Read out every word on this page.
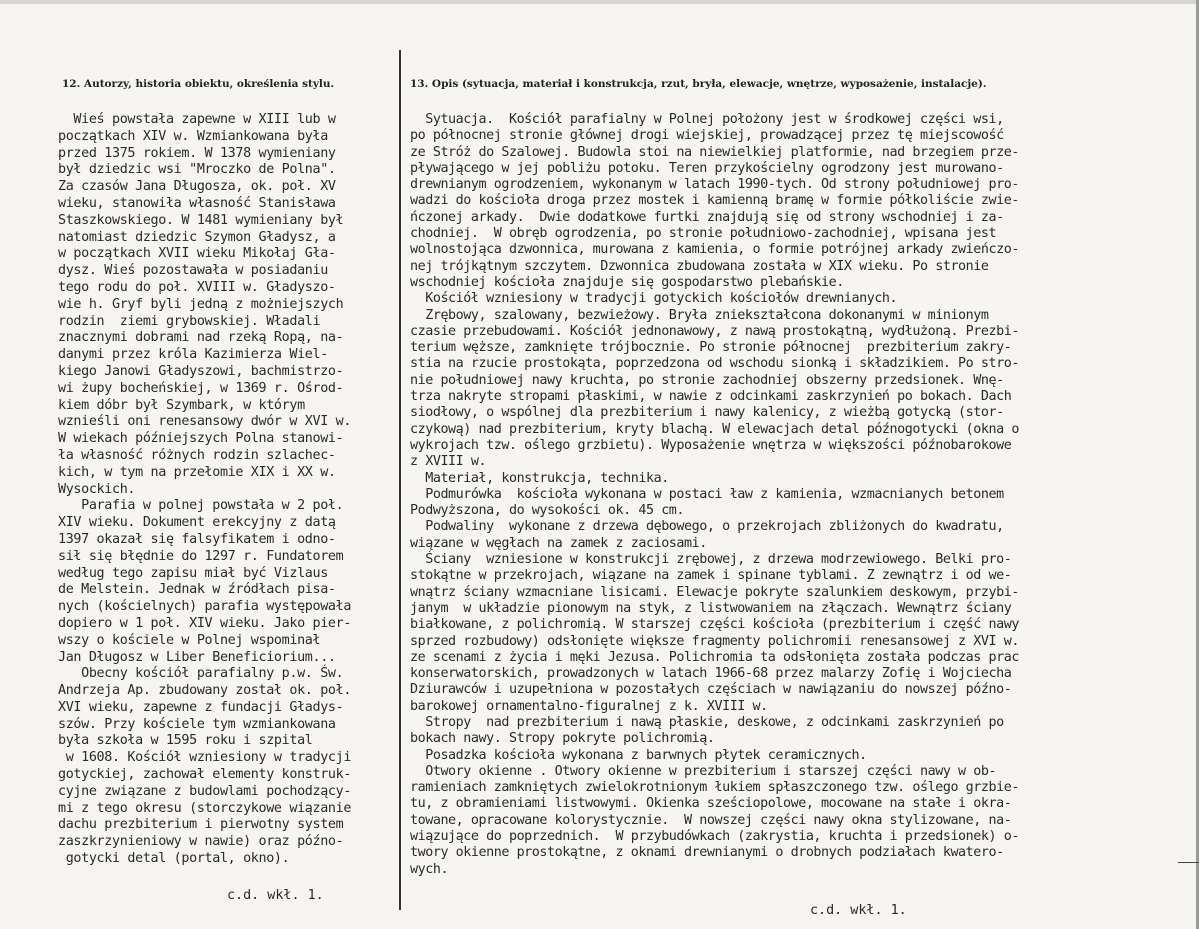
12. Autorzy, historia obiektu, określenia stylu.	13. Opis (sytuacja, materiał i konstrukcja, rzut, bryła, elewacje, wnętrze, wyposażenie, instalacje).
Wieś powstała zapewne w XIII lub w
początkach XIV w. Wzmiankowana była
przed 1375 rokiem. W 1378 wymieniany
był dziedzic wsi "Mroczko de Polna".
Za czasów Jana Długosza, ok. poł. XV
wieku, stanowiła własność Stanisława
Staszkowskiego. W 1481 wymieniany był
natomiast dziedzic Szymon Gładysz, a
w początkach XVII wieku Mikołaj Gła-
dysz. Wieś pozostawała w posiadaniu
tego rodu do poł. XVIII w. Gładyszo-
wie h. Gryf byli jedną z możniejszych
rodzin  ziemi grybowskiej. Władali
znacznymi dobrami nad rzeką Ropą, na-
danymi przez króla Kazimierza Wiel-
kiego Janowi Gładyszowi, bachmistrzo-
wi żupy bocheńskiej, w 1369 r. Ośrod-
kiem dóbr był Szymbark, w którym
wznieśli oni renesansowy dwór w XVI w.
W wiekach późniejszych Polna stanowi-
ła własność różnych rodzin szlachec-
kich, w tym na przełomie XIX i XX w.
Wysockich.
Parafia w polnej powstała w 2 poł.
XIV wieku. Dokument erekcyjny z datą
1397 okazał się falsyfikatem i odno-
sił się błędnie do 1297 r. Fundatorem
według tego zapisu miał być Vizlaus
de Melstein. Jednak w źródłach pisa-
nych (kościelnych) parafia występowała
dopiero w 1 poł. XIV wieku. Jako pier-
wszy o kościele w Polnej wspominał
Jan Długosz w Liber Beneficiorium...
Obecny kościół parafialny p.w. Św.
Andrzeja Ap. zbudowany został ok. poł.
XVI wieku, zapewne z fundacji Gładys-
szów. Przy kościele tym wzmiankowana
była szkoła w 1595 roku i szpital
w 1608. Kościół wzniesiony w tradycji
gotyckiej, zachował elementy konstruk-
cyjne związane z budowlami pochodzący-
mi z tego okresu (storczykowe wiązanie
dachu prezbiterium i pierwotny system
zaszkrzynieniowy w nawie) oraz późno-
gotycki detal (portal, okno).
Sytuacja.  Kościół parafialny w Polnej położony jest w środkowej części wsi,
po północnej stronie głównej drogi wiejskiej, prowadzącej przez tę miejscowość
ze Stróż do Szalowej. Budowla stoi na niewielkiej platformie, nad brzegiem prze-
pływającego w jej pobliżu potoku. Teren przykościelny ogrodzony jest murowano-
drewnianym ogrodzeniem, wykonanym w latach 1990-tych. Od strony południowej pro-
wadzi do kościoła droga przez mostek i kamienną bramę w formie półkoliście zwie-
ńczonej arkady.  Dwie dodatkowe furtki znajdują się od strony wschodniej i za-
chodniej.  W obręb ogrodzenia, po stronie południowo-zachodniej, wpisana jest
wolnostojąca dzwonnica, murowana z kamienia, o formie potrójnej arkady zwieńczo-
nej trójkątnym szczytem. Dzwonnica zbudowana została w XIX wieku. Po stronie
wschodniej kościoła znajduje się gospodarstwo plebańskie.
Kościół wzniesiony w tradycji gotyckich kościołów drewnianych.
Zrębowy, szalowany, bezwieżowy. Bryła zniekształcona dokonanymi w minionym
czasie przebudowami. Kościół jednonawowy, z nawą prostokątną, wydłużoną. Prezbi-
terium węższe, zamknięte trójbocznie. Po stronie północnej  prezbiterium zakry-
stia na rzucie prostokąta, poprzedzona od wschodu sionką i składzikiem. Po stro-
nie południowej nawy kruchta, po stronie zachodniej obszerny przedsionek. Wnę-
trza nakryte stropami płaskimi, w nawie z odcinkami zaskrzynień po bokach. Dach
siodłowy, o wspólnej dla prezbiterium i nawy kalenicy, z wieżbą gotycką (stor-
czykową) nad prezbiterium, kryty blachą. W elewacjach detal późnogotycki (okna o
wykrojach tzw. oślego grzbietu). Wyposażenie wnętrza w większości późnobarokowe
z XVIII w.
Materiał, konstrukcja, technika.
Podmurówka  kościoła wykonana w postaci ław z kamienia, wzmacnianych betonem
Podwyższona, do wysokości ok. 45 cm.
Podwaliny  wykonane z drzewa dębowego, o przekrojach zbliżonych do kwadratu,
wiązane w węgłach na zamek z zaciosami.
Ściany  wzniesione w konstrukcji zrębowej, z drzewa modrzewiowego. Belki pro-
stokątne w przekrojach, wiązane na zamek i spinane tyblami. Z zewnątrz i od we-
wnątrz ściany wzmacniane lisicami. Elewacje pokryte szalunkiem deskowym, przybi-
janym  w układzie pionowym na styk, z listwowaniem na złączach. Wewnątrz ściany
białkowane, z polichromią. W starszej części kościoła (prezbiterium i część nawy
sprzed rozbudowy) odsłonięte większe fragmenty polichromii renesansowej z XVI w.
ze scenami z życia i męki Jezusa. Polichromia ta odsłonięta została podczas prac
konserwatorskich, prowadzonych w latach 1966-68 przez malarzy Zofię i Wojciecha
Dziurawców i uzupełniona w pozostałych częściach w nawiązaniu do nowszej późno-
barokowej ornamentalno-figuralnej z k. XVIII w.
Stropy  nad prezbiterium i nawą płaskie, deskowe, z odcinkami zaskrzynień po
bokach nawy. Stropy pokryte polichromią.
Posadzka kościoła wykonana z barwnych płytek ceramicznych.
Otwory okienne . Otwory okienne w prezbiterium i starszej części nawy w ob-
ramieniach zamkniętych zwielokrotnionym łukiem spłaszczonego tzw. oślego grzbie-
tu, z obramieniami listwowymi. Okienka sześciopolowe, mocowane na stałe i okra-
towane, opracowane kolorystycznie.  W nowszej części nawy okna stylizowane, na-
wiązujące do poprzednich.  W przybudówkach (zakrystia, kruchta i przedsionek) o-
twory okienne prostokątne, z oknami drewnianymi o drobnych podziałach kwatero-
wych.
c.d. wkł. 1.
c.d. wkł. 1.
